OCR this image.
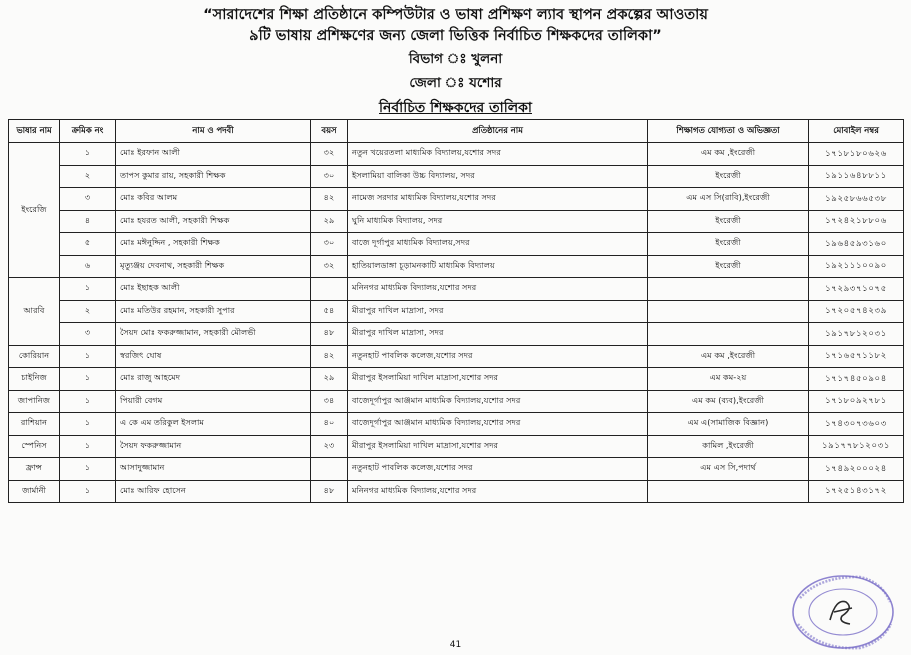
“সারাদেশের শিক্ষা প্রতিষ্ঠানে কম্পিউটার ও ভাষা প্রশিক্ষণ ল্যাব স্থাপন প্রকল্পের আওতায়
৯টি ভাষায় প্রশিক্ষণের জন্য জেলা ভিত্তিক নির্বাচিত শিক্ষকদের তালিকা”
বিভাগ ঃ খুলনা
জেলা ঃ যশোর
নির্বাচিত শিক্ষকদের তালিকা
ভাষার নাম	ক্রমিক নং	নাম ও পদবী	বয়স	প্রতিষ্ঠানের নাম	শিক্ষাগত যোগ্যতা ও অভিজ্ঞতা	মোবাইল নম্বর
ইংরেজি	১	মোঃ ইরফান আলী	৩২	নতুন খয়েরতলা মাধ্যমিক বিদ্যালয়,যশোর সদর	এম কম ,ইংরেজী	১৭১৮১৮০৬২৬
	২	তাপস কুমার রায়, সহকারী শিক্ষক	৩০	ইসলামিয়া বালিকা উচ্চ বিদ্যালয়, সদর	ইংরেজী	১৯১১৬৪৮৮১১
	৩	মোঃ কবির আলম	৪২	নামেজ সরদার মাধ্যমিক বিদ্যালয়,যশোর সদর	এম এস সি(রাবি),ইংরেজী	১৯২৫৮৬৬৫৩৮
	৪	মোঃ হযরত আলী, সহকারী শিক্ষক	২৯	ঘুনি মাধ্যমিক বিদ্যালয়, সদর	ইংরেজী	১৭২৪২১৮৮০৬
	৫	মোঃ মঈনুদ্দিন , সহকারী শিক্ষক	৩০	বাজে দূর্গাপুর মাধ্যমিক বিদ্যালয়,সদর	ইংরেজী	১৯৬৪৫৯৩১৬০
	৬	মৃত্যুঞ্জয় দেবনাথ, সহকারী শিক্ষক	৩২	হাতিয়ালডাঙ্গা চূড়ামনকাটি মাধ্যমিক বিদ্যালয়	ইংরেজী	১৯২১১১০০৯০
আরবি	১	মোঃ ইছাহক আলী		মনিনগর মাধ্যমিক বিদ্যালয়,যশোর সদর		১৭২৯৩৭১০৭৫
	২	মোঃ মতিউর রহমান, সহকারী সুপার	৫৪	মীরাপুর দাখিল মাদ্রাসা, সদর		১৭২০৫৭৪২৩৯
	৩	সৈয়দ মোঃ ফকরুজ্জামান, সহকারী মৌলভী	৪৮	মীরাপুর দাখিল মাদ্রাসা, সদর		১৯১৭৮১২০৩১
কোরিয়ান	১	স্বরজিৎ ঘোষ	৪২	নতুনহাট পাবলিক কলেজ,যশোর সদর	এম কম ,ইংরেজী	১৭১৬৫৭১১৮২
চাইনিজ	১	মোঃ রাজু আহমেদ	২৯	মীরাপুর ইসলামিয়া দাখিল মাদ্রাসা,যশোর সদর	এম কম-২য়	১৭১৭৪৫০৯০৪
জাপানিজ	১	পিয়ারী বেগম	৩৪	বাজেদূর্গাপুর আঞ্জমান মাধ্যমিক বিদ্যালয়,যশোর সদর	এম কম (ব্যব),ইংরেজী	১৭১৮০৯২৭৮১
রাশিয়ান	১	এ কে এম তরিকুল ইসলাম	৪০	বাজেদূর্গাপুর আঞ্জমান মাধ্যমিক বিদ্যালয়,যশোর সদর	এম এ(সামাজিক বিজ্ঞান)	১৭৪৩০৭৩৬০৩
স্পেনিস	১	সৈয়দ ফকরুজ্জামান	২৩	মীরাপুর ইসলামিয়া দাখিল মাদ্রাসা,যশোর সদর	কামিল ,ইংরেজী	১৯১৭৭৮১২০৩১
ফ্রান্স	১	আসাদুজ্জামান		নতুনহাট পাবলিক কলেজ,যশোর সদর	এম এস সি,পদার্থ	১৭৪৯২০০০২৪
জার্মানী	১	মোঃ আরিফ হোসেন	৪৮	মনিনগর মাধ্যমিক বিদ্যালয়,যশোর সদর		১৭২৫১৪৩১৭২
41
